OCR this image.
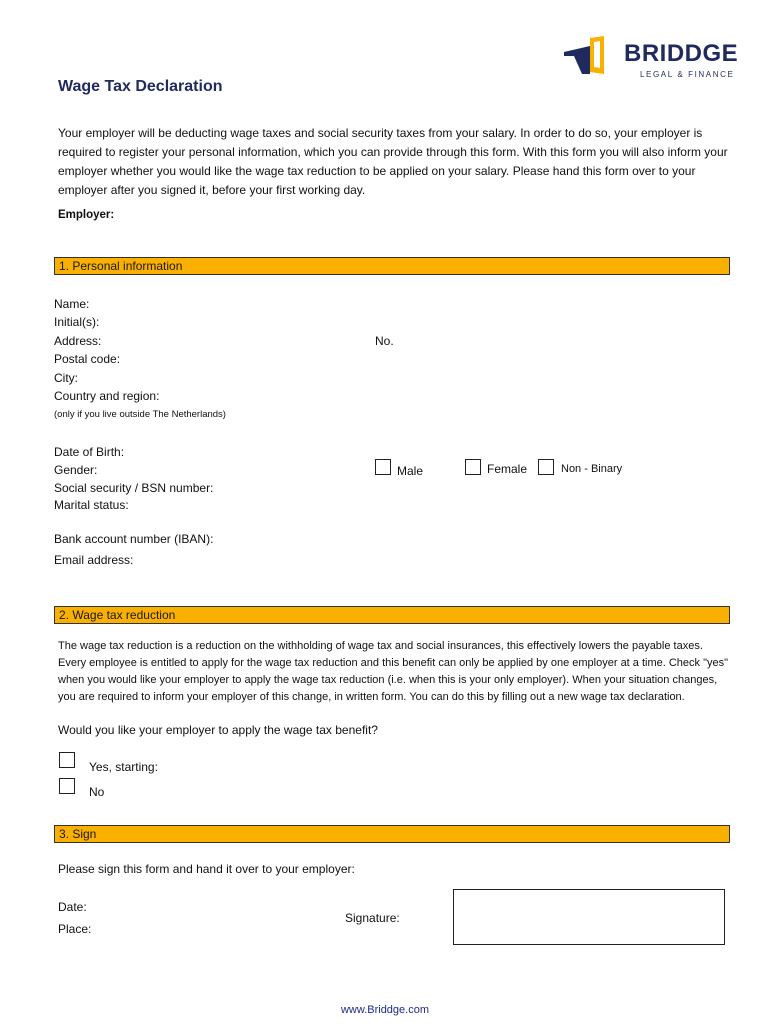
BRIDDGE
LEGAL & FINANCE
Wage Tax Declaration
Your employer will be deducting wage taxes and social security taxes from your salary. In order to do so, your employer is required to register your personal information, which you can provide through this form. With this form you will also inform your employer whether you would like the wage tax reduction to be applied on your salary. Please hand this form over to your employer after you signed it, before your first working day.
Employer:
1. Personal information
Name:
Initial(s):
Address:	No.
Postal code:
City:
Country and region:
(only if you live outside The Netherlands)
Date of Birth:
Gender:	Male	Female	Non - Binary
Social security / BSN number:
Marital status:
Bank account number (IBAN):
Email address:
2. Wage tax reduction
The wage tax reduction is a reduction on the withholding of wage tax and social insurances, this effectively lowers the payable taxes. Every employee is entitled to apply for the wage tax reduction and this benefit can only be applied by one employer at a time. Check "yes" when you would like your employer to apply the wage tax reduction (i.e. when this is your only employer). When your situation changes, you are required to inform your employer of this change, in written form. You can do this by filling out a new wage tax declaration.
Would you like your employer to apply the wage tax benefit?
Yes, starting:
No
3. Sign
Please sign this form and hand it over to your employer:
Date:
Place:
Signature:
www.Briddge.com
